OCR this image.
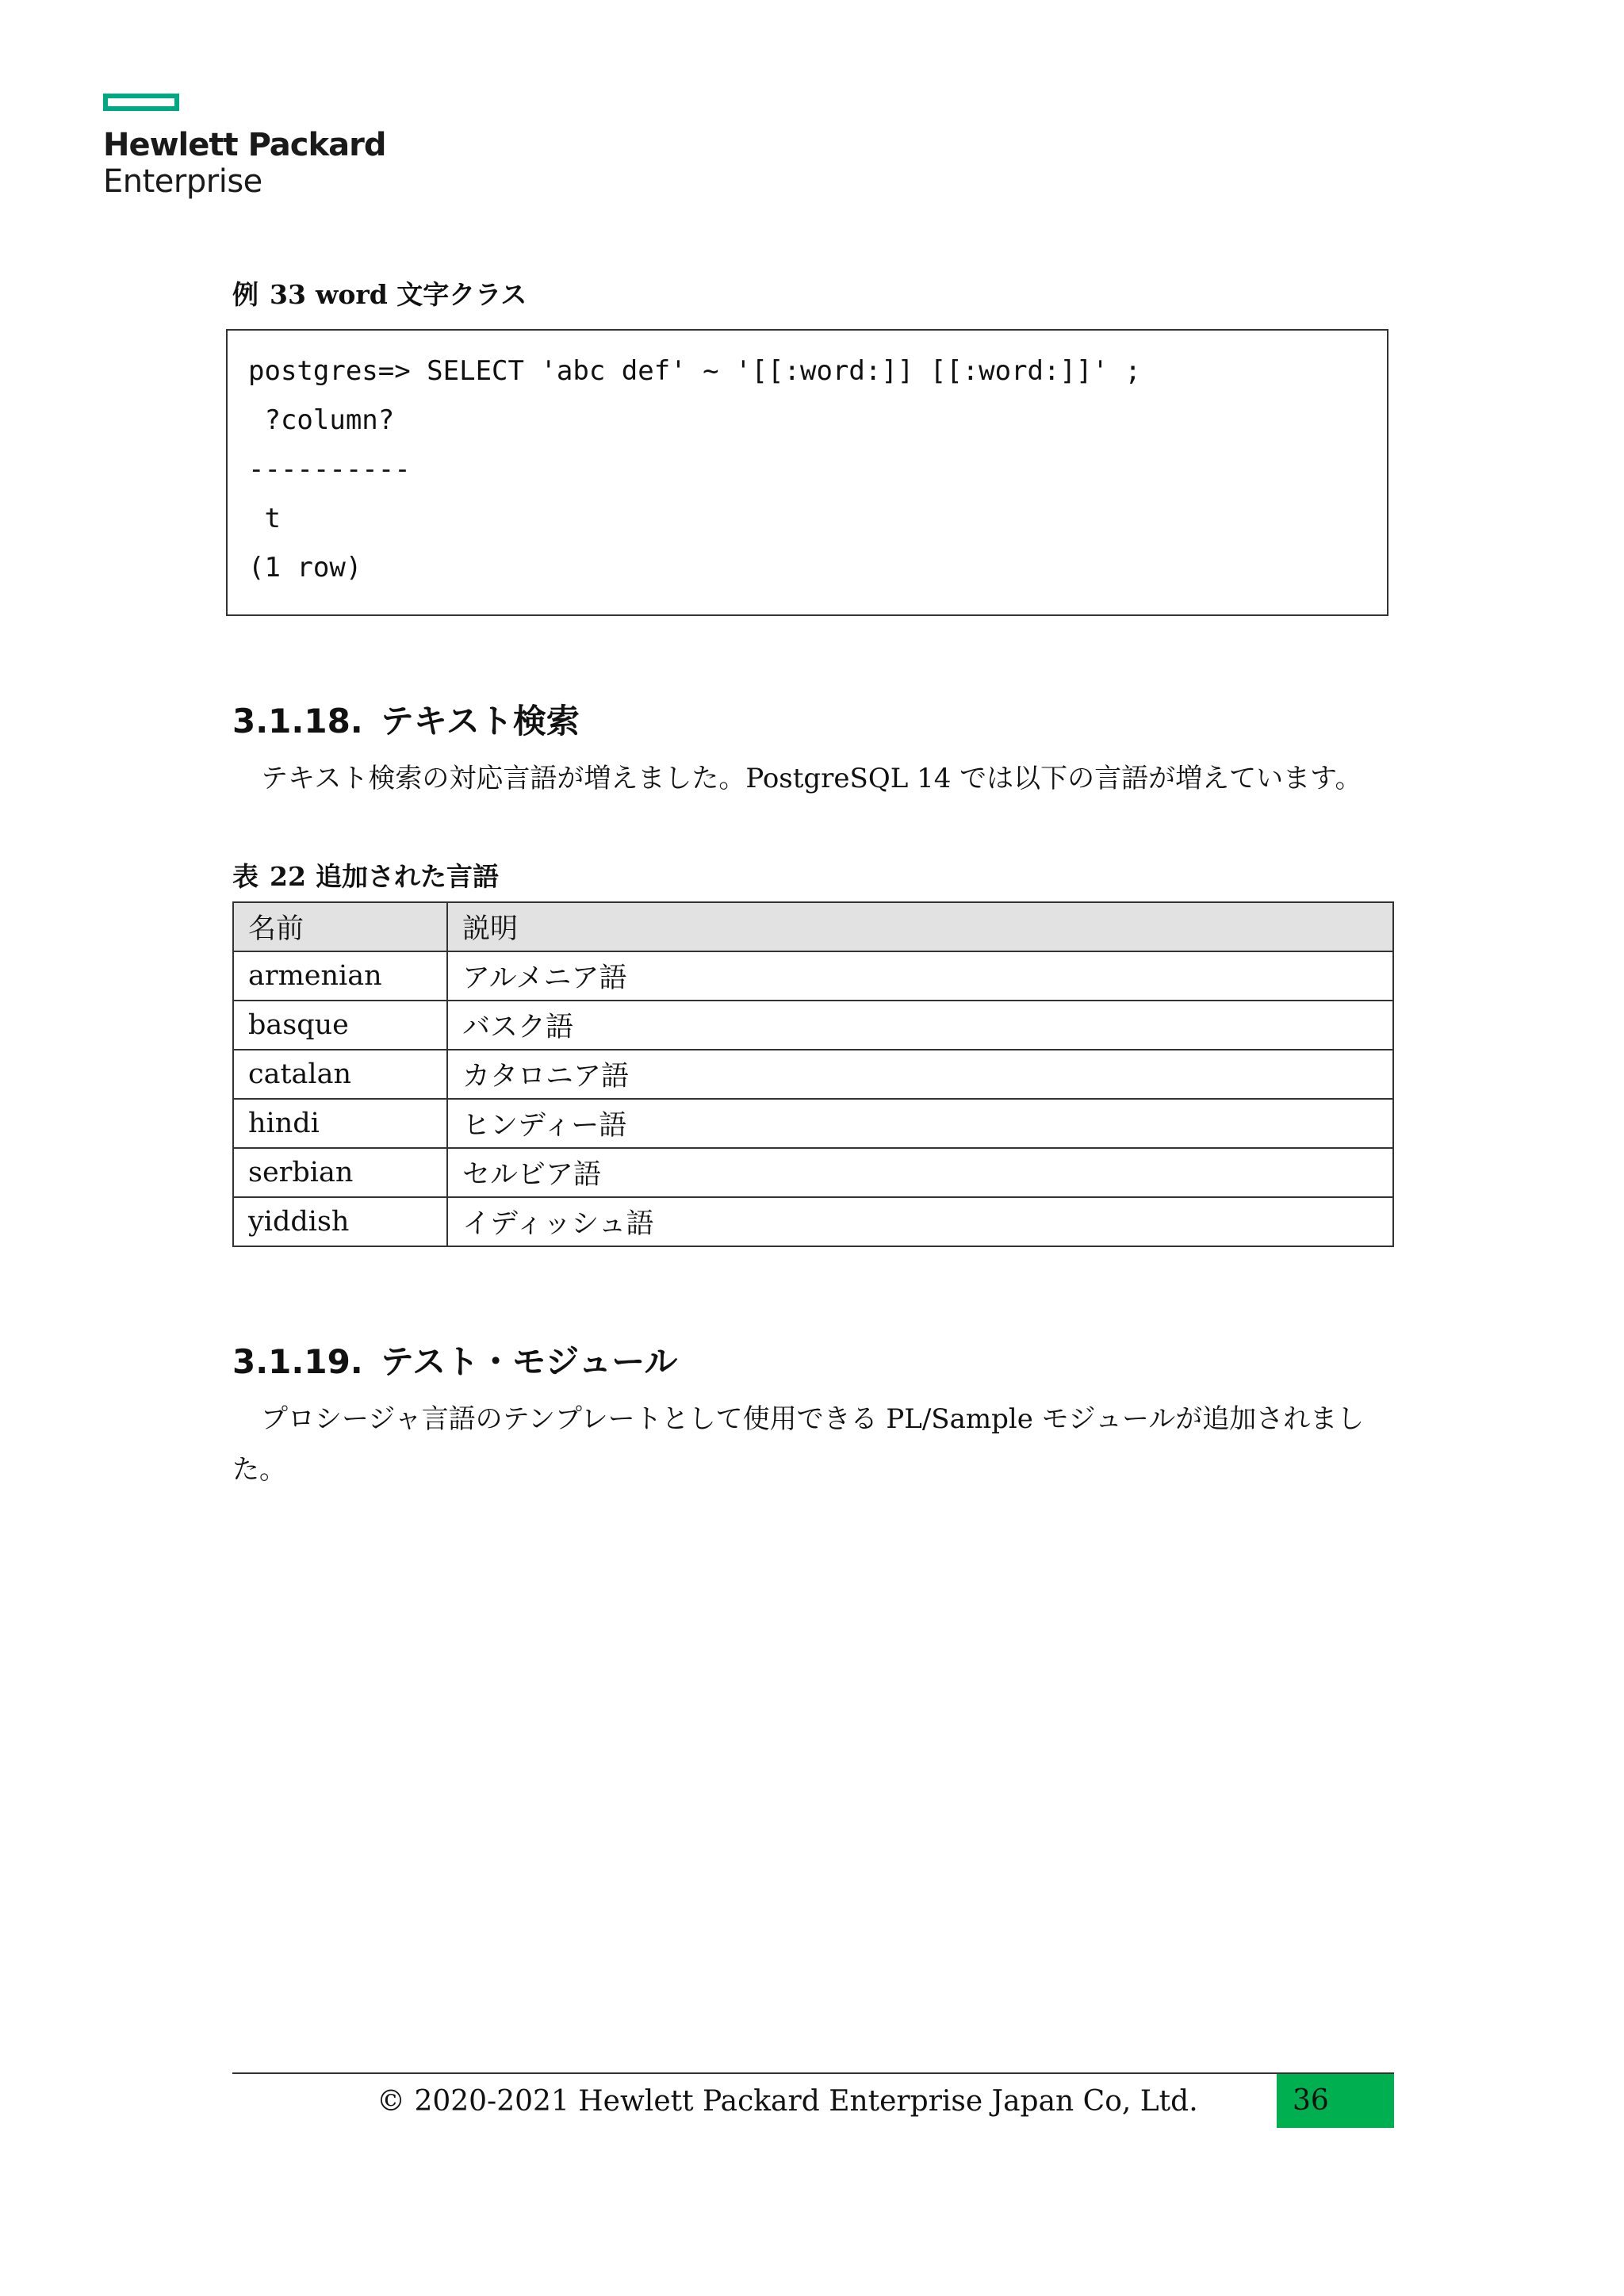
Hewlett Packard
Enterprise
例 33 word 文字クラス
postgres=> SELECT 'abc def' ~ '[[:word:]] [[:word:]]' ;
?column?
----------
t
(1 row)
3.1.18. テキスト検索
テキスト検索の対応言語が増えました。PostgreSQL 14 では以下の言語が増えています。
表 22 追加された言語
名前	説明
armenian	アルメニア語
basque	バスク語
catalan	カタロニア語
hindi	ヒンディー語
serbian	セルビア語
yiddish	イディッシュ語
3.1.19. テスト・モジュール
プロシージャ言語のテンプレートとして使用できる PL/Sample モジュールが追加されました。
© 2020-2021 Hewlett Packard Enterprise Japan Co, Ltd.	36
